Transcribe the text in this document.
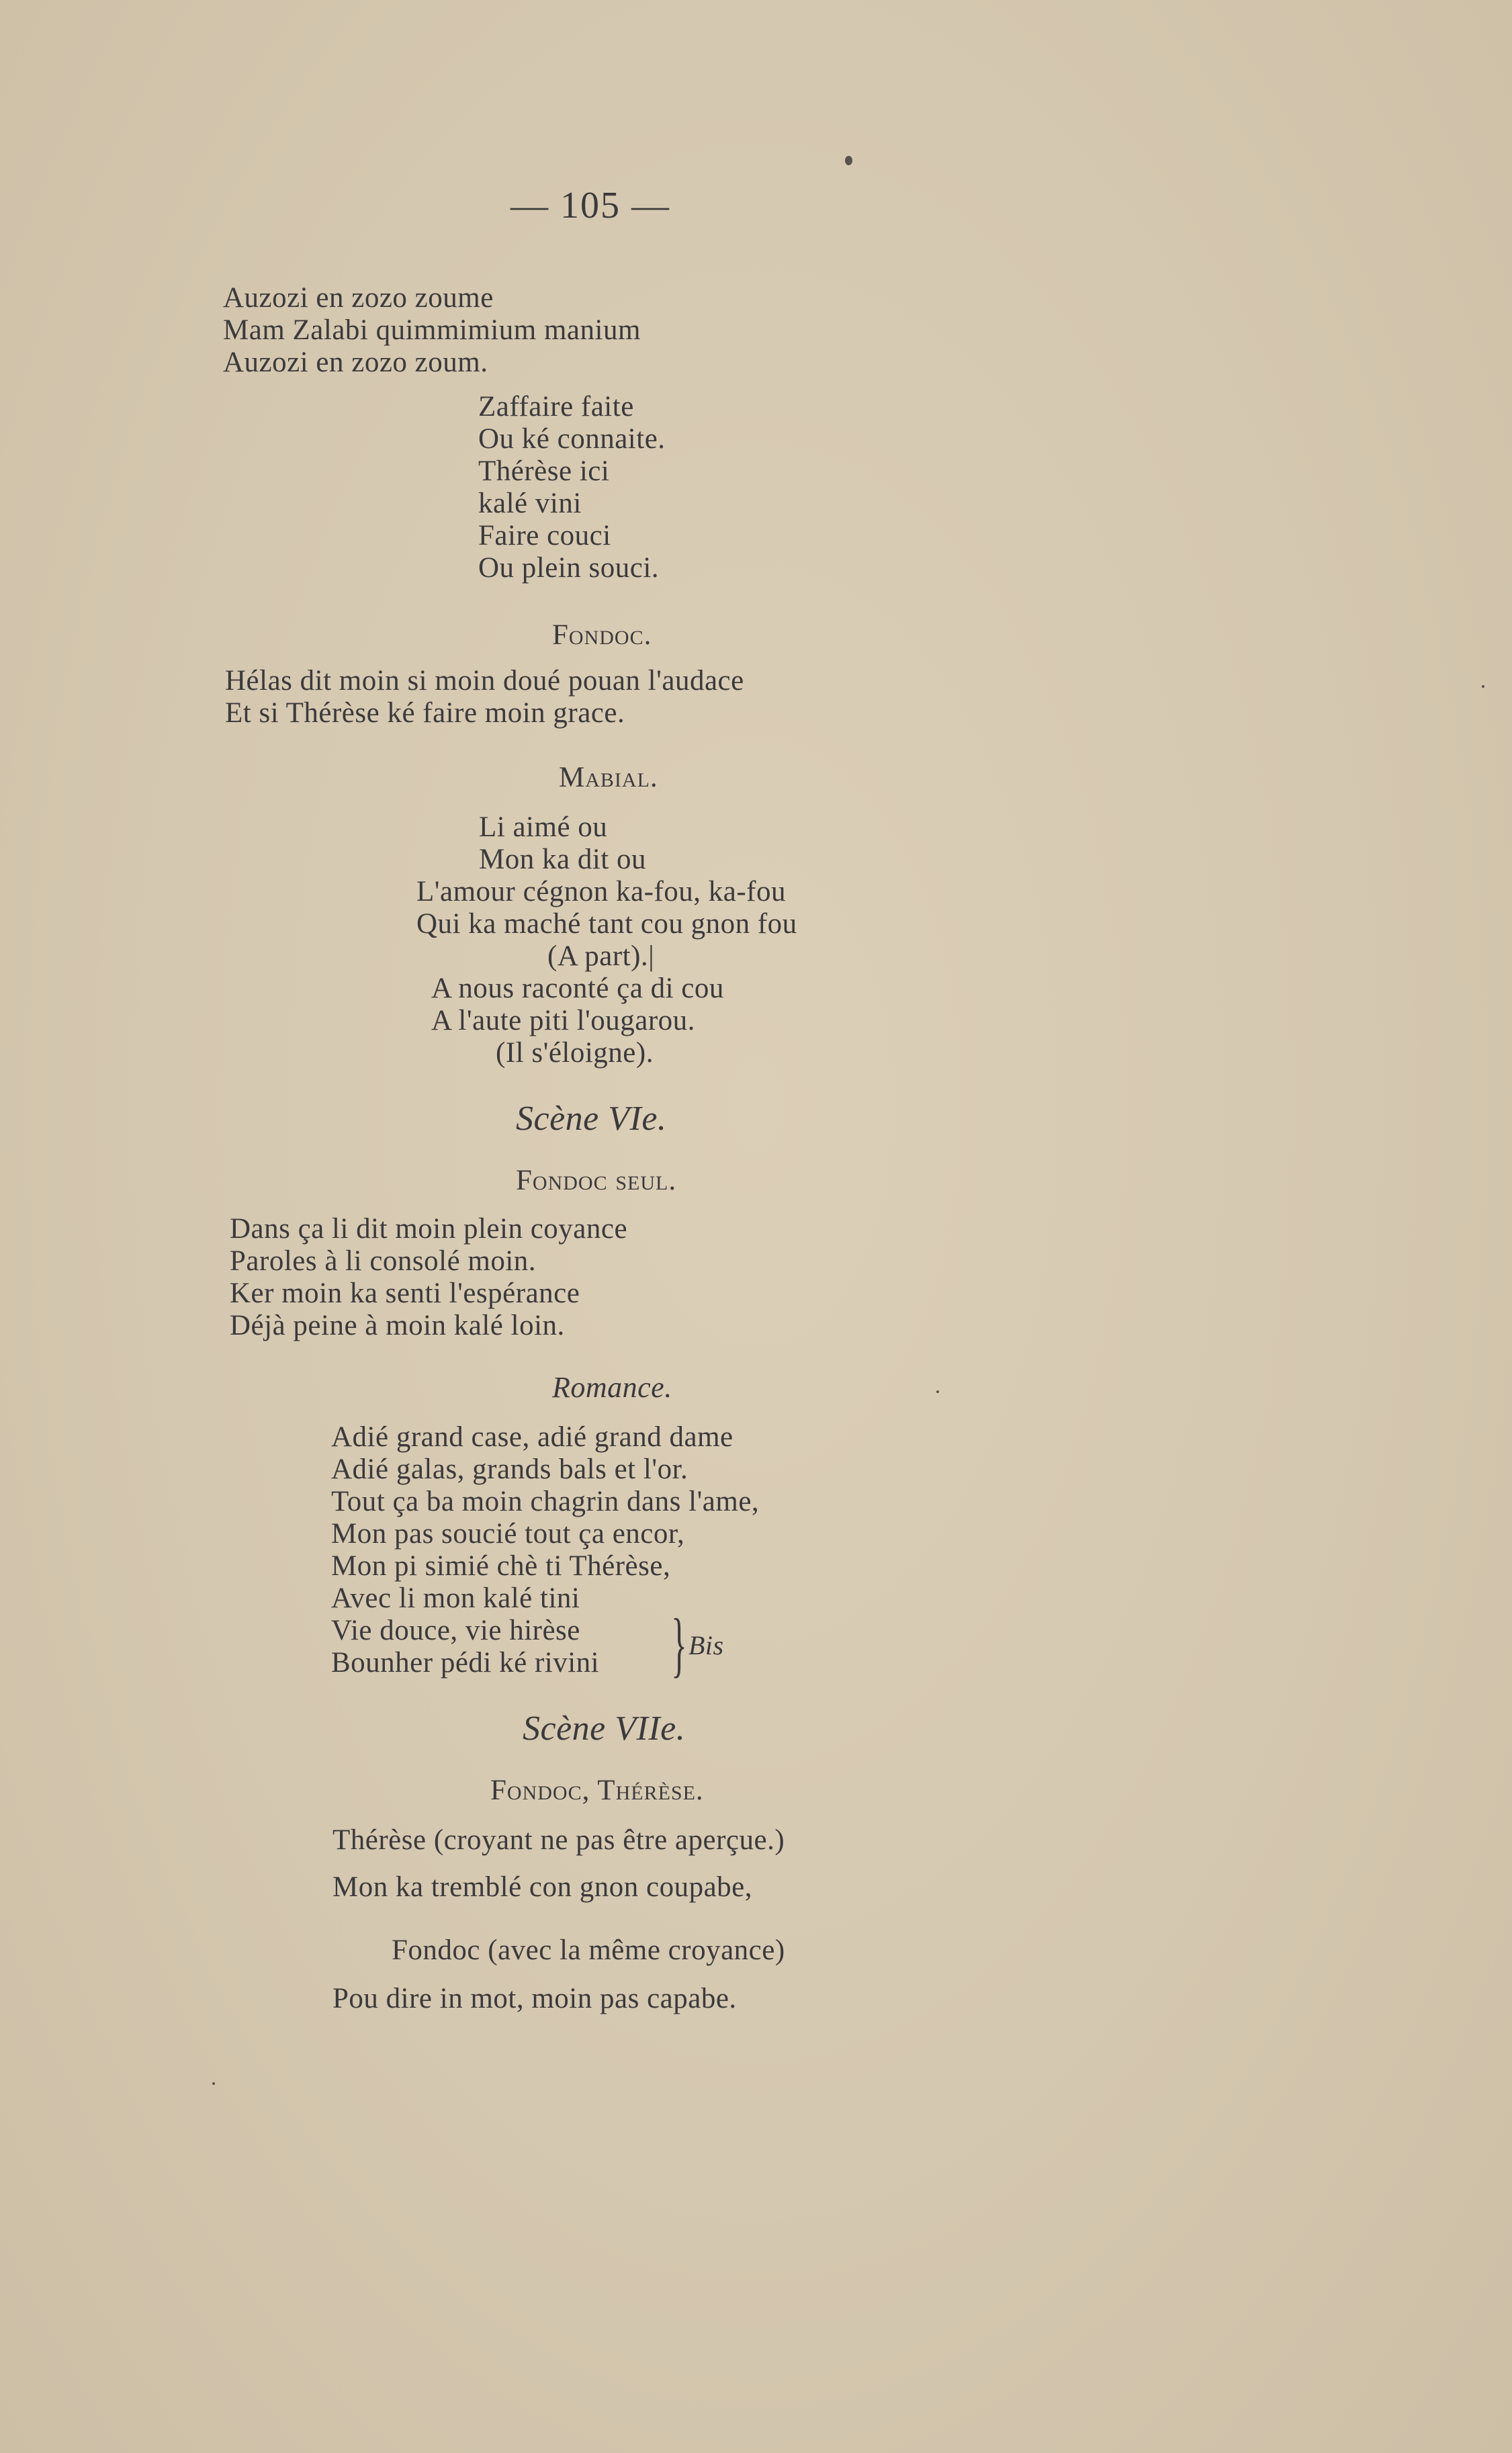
— 105 —
Auzozi en zozo zoume
Mam Zalabi quimmimium manium
Auzozi en zozo zoum.
Zaffaire faite
Ou ké connaite.
Thérèse ici
kalé vini
Faire couci
Ou plein souci.
Fondoc.
Hélas dit moin si moin doué pouan l'audace
Et si Thérèse ké faire moin grace.
Mabial.
Li aimé ou
Mon ka dit ou
L'amour cégnon ka-fou, ka-fou
Qui ka maché tant cou gnon fou
(A part).|
A nous raconté ça di cou
A l'aute piti l'ougarou.
(Il s'éloigne).
Scène VIe.
Fondoc seul.
Dans ça li dit moin plein coyance
Paroles à li consolé moin.
Ker moin ka senti l'espérance
Déjà peine à moin kalé loin.
Romance.
Adié grand case, adié grand dame
Adié galas, grands bals et l'or.
Tout ça ba moin chagrin dans l'ame,
Mon pas soucié tout ça encor,
Mon pi simié chè ti Thérèse,
Avec li mon kalé tini
Vie douce, vie hirèse
Bounher pédi ké rivini } Bis
Scène VIIe.
Fondoc, Thérèse.
Thérèse (croyant ne pas être aperçue.)
Mon ka tremblé con gnon coupabe,
Fondoc (avec la même croyance)
Pou dire in mot, moin pas capabe.
